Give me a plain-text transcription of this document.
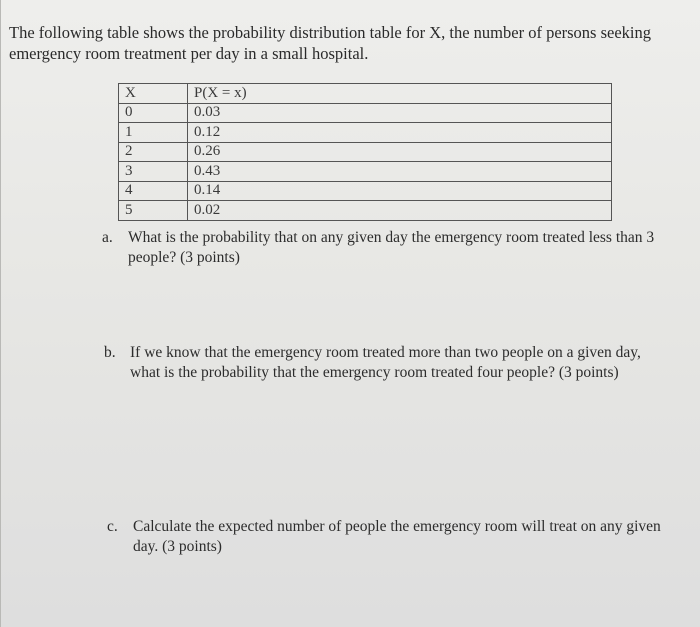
The following table shows the probability distribution table for X, the number of persons seeking emergency room treatment per day in a small hospital.
X	P(X = x)
0	0.03
1	0.12
2	0.26
3	0.43
4	0.14
5	0.02
a. What is the probability that on any given day the emergency room treated less than 3 people? (3 points)
b. If we know that the emergency room treated more than two people on a given day, what is the probability that the emergency room treated four people? (3 points)
c. Calculate the expected number of people the emergency room will treat on any given day. (3 points)
